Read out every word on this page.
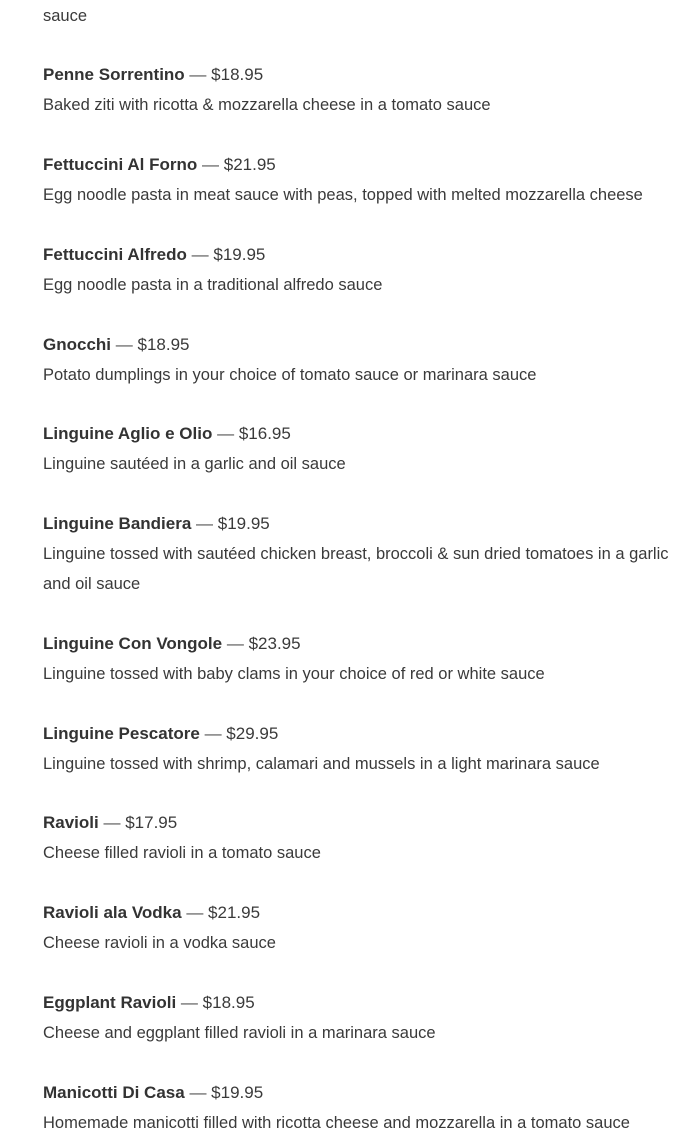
sauce

Penne Sorrentino — $18.95

Baked ziti with ricotta & mozzarella cheese in a tomato sauce

Fettuccini Al Forno — $21.95

Egg noodle pasta in meat sauce with peas, topped with melted mozzarella cheese

Fettuccini Alfredo — $19.95

Egg noodle pasta in a traditional alfredo sauce

Gnocchi — $18.95

Potato dumplings in your choice of tomato sauce or marinara sauce

Linguine Aglio e Olio — $16.95

Linguine sautéed in a garlic and oil sauce

Linguine Bandiera — $19.95

Linguine tossed with sautéed chicken breast, broccoli & sun dried tomatoes in a garlic and oil sauce

Linguine Con Vongole — $23.95

Linguine tossed with baby clams in your choice of red or white sauce

Linguine Pescatore — $29.95

Linguine tossed with shrimp, calamari and mussels in a light marinara sauce

Ravioli — $17.95

Cheese filled ravioli in a tomato sauce

Ravioli ala Vodka — $21.95

Cheese ravioli in a vodka sauce

Eggplant Ravioli — $18.95

Cheese and eggplant filled ravioli in a marinara sauce

Manicotti Di Casa — $19.95

Homemade manicotti filled with ricotta cheese and mozzarella in a tomato sauce
